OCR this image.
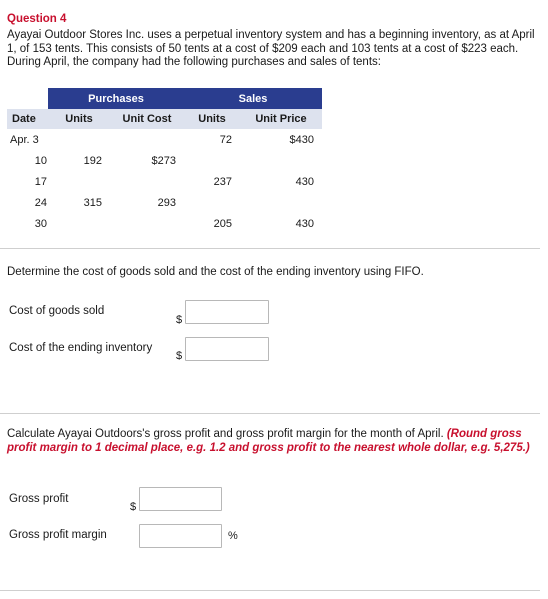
Question 4
Ayayai Outdoor Stores Inc. uses a perpetual inventory system and has a beginning inventory, as at April 1, of 153 tents. This consists of 50 tents at a cost of $209 each and 103 tents at a cost of $223 each. During April, the company had the following purchases and sales of tents:
	Purchases		Sales	
Date	Units	Unit Cost	Units	Unit Price
Apr. 3			72	$430
10	192	$273		
17			237	430
24	315	293		
30			205	430
Determine the cost of goods sold and the cost of the ending inventory using FIFO.
Cost of goods sold
$
Cost of the ending inventory
$
Calculate Ayayai Outdoors's gross profit and gross profit margin for the month of April. (Round gross profit margin to 1 decimal place, e.g. 1.2 and gross profit to the nearest whole dollar, e.g. 5,275.)
Gross profit
$
Gross profit margin	%
